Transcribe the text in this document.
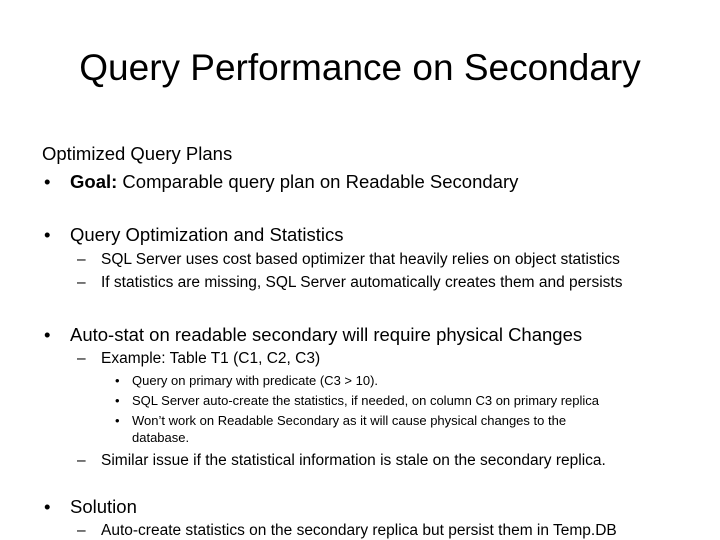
Query Performance on Secondary
Optimized Query Plans
• Goal: Comparable query plan on Readable Secondary
• Query Optimization and Statistics
– SQL Server uses cost based optimizer that heavily relies on object statistics
– If statistics are missing, SQL Server automatically creates them and persists
• Auto-stat on readable secondary will require physical Changes
– Example: Table T1 (C1, C2, C3)
• Query on primary with predicate (C3 > 10).
• SQL Server auto-create the statistics, if needed, on column C3 on primary replica
• Won’t work on Readable Secondary as it will cause physical changes to the
database.
– Similar issue if the statistical information is stale on the secondary replica.
• Solution
– Auto-create statistics on the secondary replica but persist them in Temp.DB
